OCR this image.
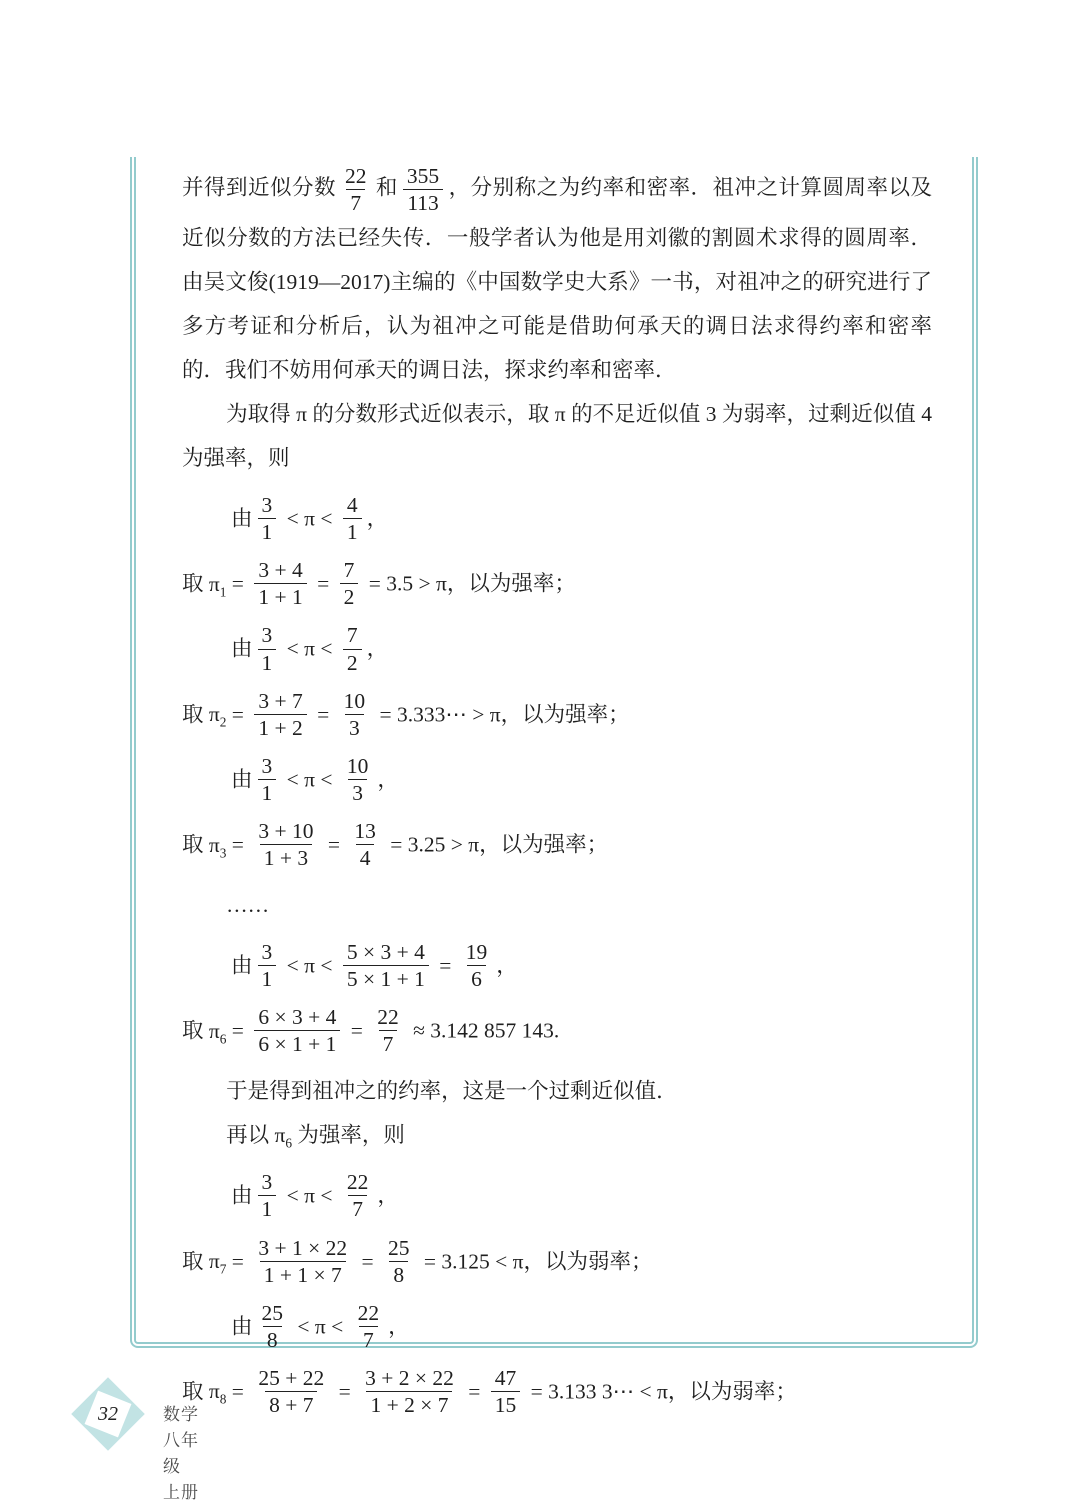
并得到近似分数 $\frac{22}{7}$ 和 $\frac{355}{113}$ ，分别称之为约率和密率．祖冲之计算圆周率以及近似分数的方法已经失传．一般学者认为他是用刘徽的割圆术求得的圆周率．由吴文俊(1919—2017)主编的《中国数学史大系》一书，对祖冲之的研究进行了多方考证和分析后，认为祖冲之可能是借助何承天的调日法求得约率和密率的．我们不妨用何承天的调日法，探求约率和密率．
为取得 π 的分数形式近似表示，取 π 的不足近似值 3 为弱率，过剩近似值 4 为强率，则
由 $\frac{3}{1} < \pi < \frac{4}{1}$ ，
取 $\pi_1 = \frac{3 + 4}{1 + 1} = \frac{7}{2} = 3.5 > \pi$，以为强率；
由 $\frac{3}{1} < \pi < \frac{7}{2}$ ，
取 $\pi_2 = \frac{3 + 7}{1 + 2} = \frac{10}{3}$ = 3.333⋯ > π，以为强率；
由 $\frac{3}{1} < \pi < \frac{10}{3}$ ，
取 $\pi_3 = \frac{3 + 10}{1 + 3} = \frac{13}{4} = 3.25 > \pi$，以为强率；
……
由 $\frac{3}{1} < \pi < \frac{5 \times 3 + 4}{5 \times 1 + 1} = \frac{19}{6}$ ，
取 $\pi_6 = \frac{6 \times 3 + 4}{6 \times 1 + 1} = \frac{22}{7} \approx 3.142$ 857 143.
于是得到祖冲之的约率，这是一个过剩近似值．
再以 $\pi_6$ 为强率，则
由 $\frac{3}{1} < \pi < \frac{22}{7}$ ，
取 $\pi_7 = \frac{3 + 1 \times 22}{1 + 1 \times 7} = \frac{25}{8} = 3.125 < \pi$，以为弱率；
由 $\frac{25}{8} < \pi < \frac{22}{7}$ ，
取 $\pi_8 = \frac{25 + 22}{8 + 7} = \frac{3 + 2 \times 22}{1 + 2 \times 7} = \frac{47}{15} = 3.133$ 3⋯ < π，以为弱率；
32	数学　八年级　上册
